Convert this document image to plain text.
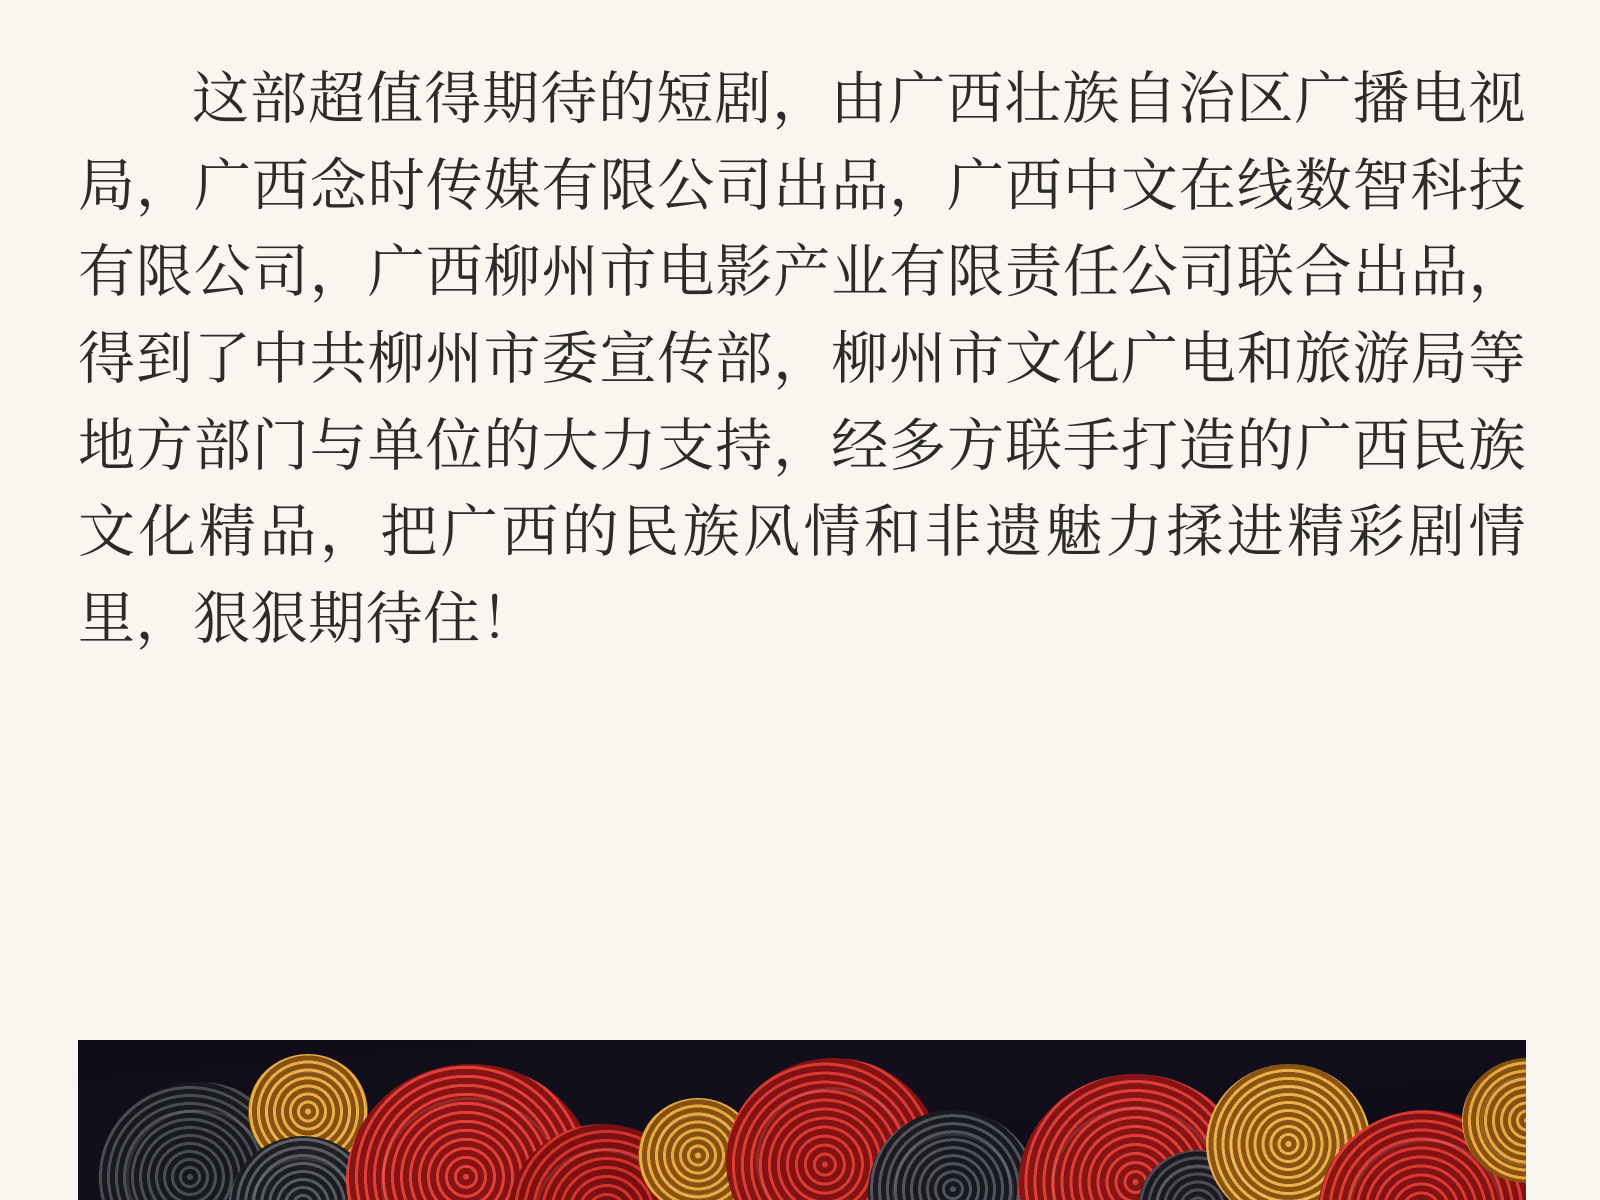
这部超值得期待的短剧，由广西壮族自治区广播电视局，广西念时传媒有限公司出品，广西中文在线数智科技有限公司，广西柳州市电影产业有限责任公司联合出品，得到了中共柳州市委宣传部，柳州市文化广电和旅游局等地方部门与单位的大力支持，经多方联手打造的广西民族文化精品，把广西的民族风情和非遗魅力揉进精彩剧情里，狠狠期待住！
